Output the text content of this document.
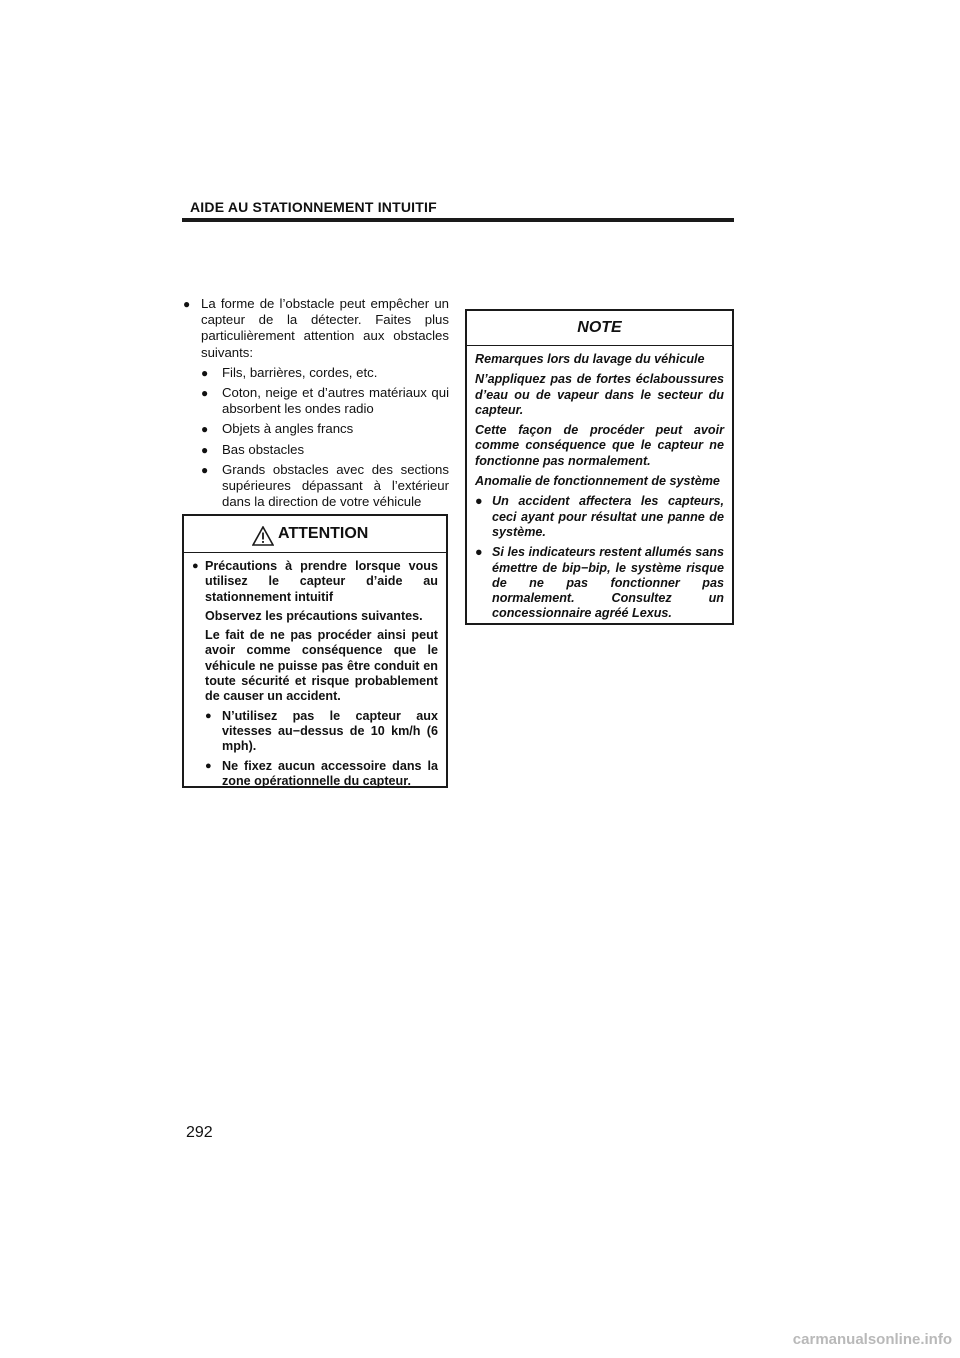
AIDE AU STATIONNEMENT INTUITIF
● La forme de l’obstacle peut empêcher un capteur de la détecter. Faites plus particulièrement attention aux obstacles suivants:
● Fils, barrières, cordes, etc.
● Coton, neige et d’autres matériaux qui absorbent les ondes radio
● Objets à angles francs
● Bas obstacles
● Grands obstacles avec des sections supérieures dépassant à l’extérieur dans la direction de votre véhicule
ATTENTION
● Précautions à prendre lorsque vous utilisez le capteur d’aide au stationnement intuitif
Observez les précautions suivantes.
Le fait de ne pas procéder ainsi peut avoir comme conséquence que le véhicule ne puisse pas être conduit en toute sécurité et risque probablement de causer un accident.
● N’utilisez pas le capteur aux vitesses au−dessus de 10 km/h (6 mph).
● Ne fixez aucun accessoire dans la zone opérationnelle du capteur.
NOTE

Remarques lors du lavage du véhicule

N’appliquez pas de fortes éclaboussures d’eau ou de vapeur dans le secteur du capteur.

Cette façon de procéder peut avoir comme conséquence que le capteur ne fonctionne pas normalement.

Anomalie de fonctionnement de système

● Un accident affectera les capteurs, ceci ayant pour résultat une panne de système.
● Si les indicateurs restent allumés sans émettre de bip−bip, le système risque de ne pas fonctionner pas normalement. Consultez un concessionnaire agréé Lexus.
292
carmanualsonline.info
